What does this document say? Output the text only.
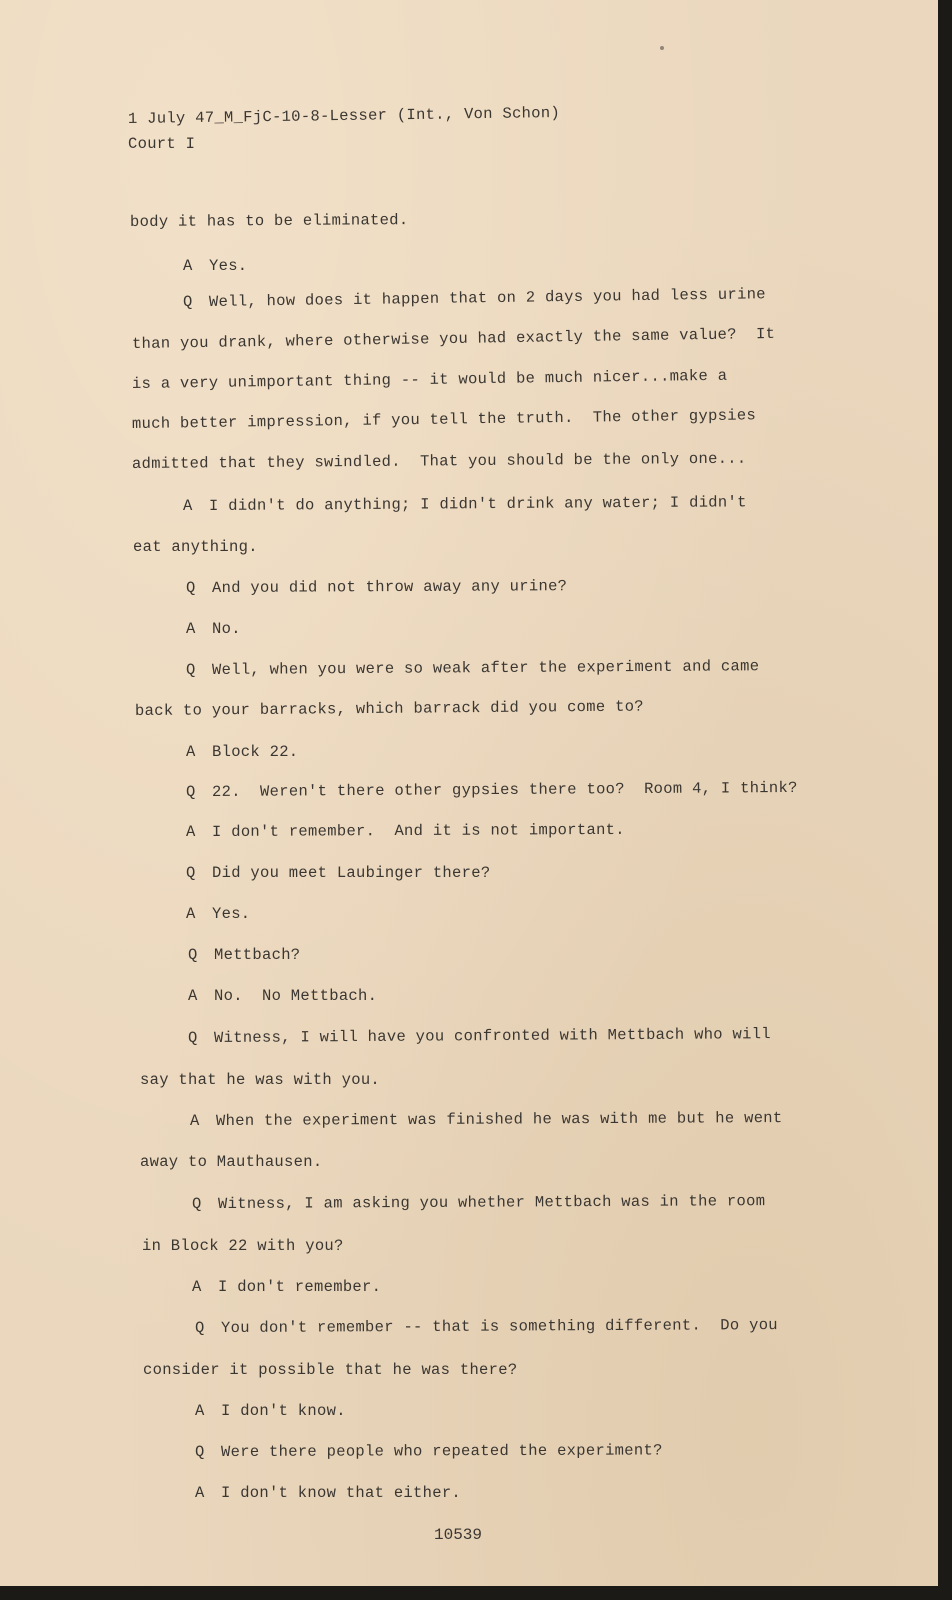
1 July 47_M_FjC-10-8-Lesser (Int., Von Schon)

Court I

body it has to be eliminated.

A Yes.

Q Well, how does it happen that on 2 days you had less urine

than you drank, where otherwise you had exactly the same value?  It

is a very unimportant thing -- it would be much nicer...make a

much better impression, if you tell the truth.  The other gypsies

admitted that they swindled.  That you should be the only one...

A I didn't do anything; I didn't drink any water; I didn't

eat anything.

Q And you did not throw away any urine?

A No.

Q Well, when you were so weak after the experiment and came

back to your barracks, which barrack did you come to?

A Block 22.

Q 22.  Weren't there other gypsies there too?  Room 4, I think?

A I don't remember.  And it is not important.

Q Did you meet Laubinger there?

A Yes.

Q Mettbach?

A No.  No Mettbach.

Q Witness, I will have you confronted with Mettbach who will

say that he was with you.

A When the experiment was finished he was with me but he went

away to Mauthausen.

Q Witness, I am asking you whether Mettbach was in the room

in Block 22 with you?

A I don't remember.

Q You don't remember -- that is something different.  Do you

consider it possible that he was there?

A I don't know.

Q Were there people who repeated the experiment?

A I don't know that either.

10539
